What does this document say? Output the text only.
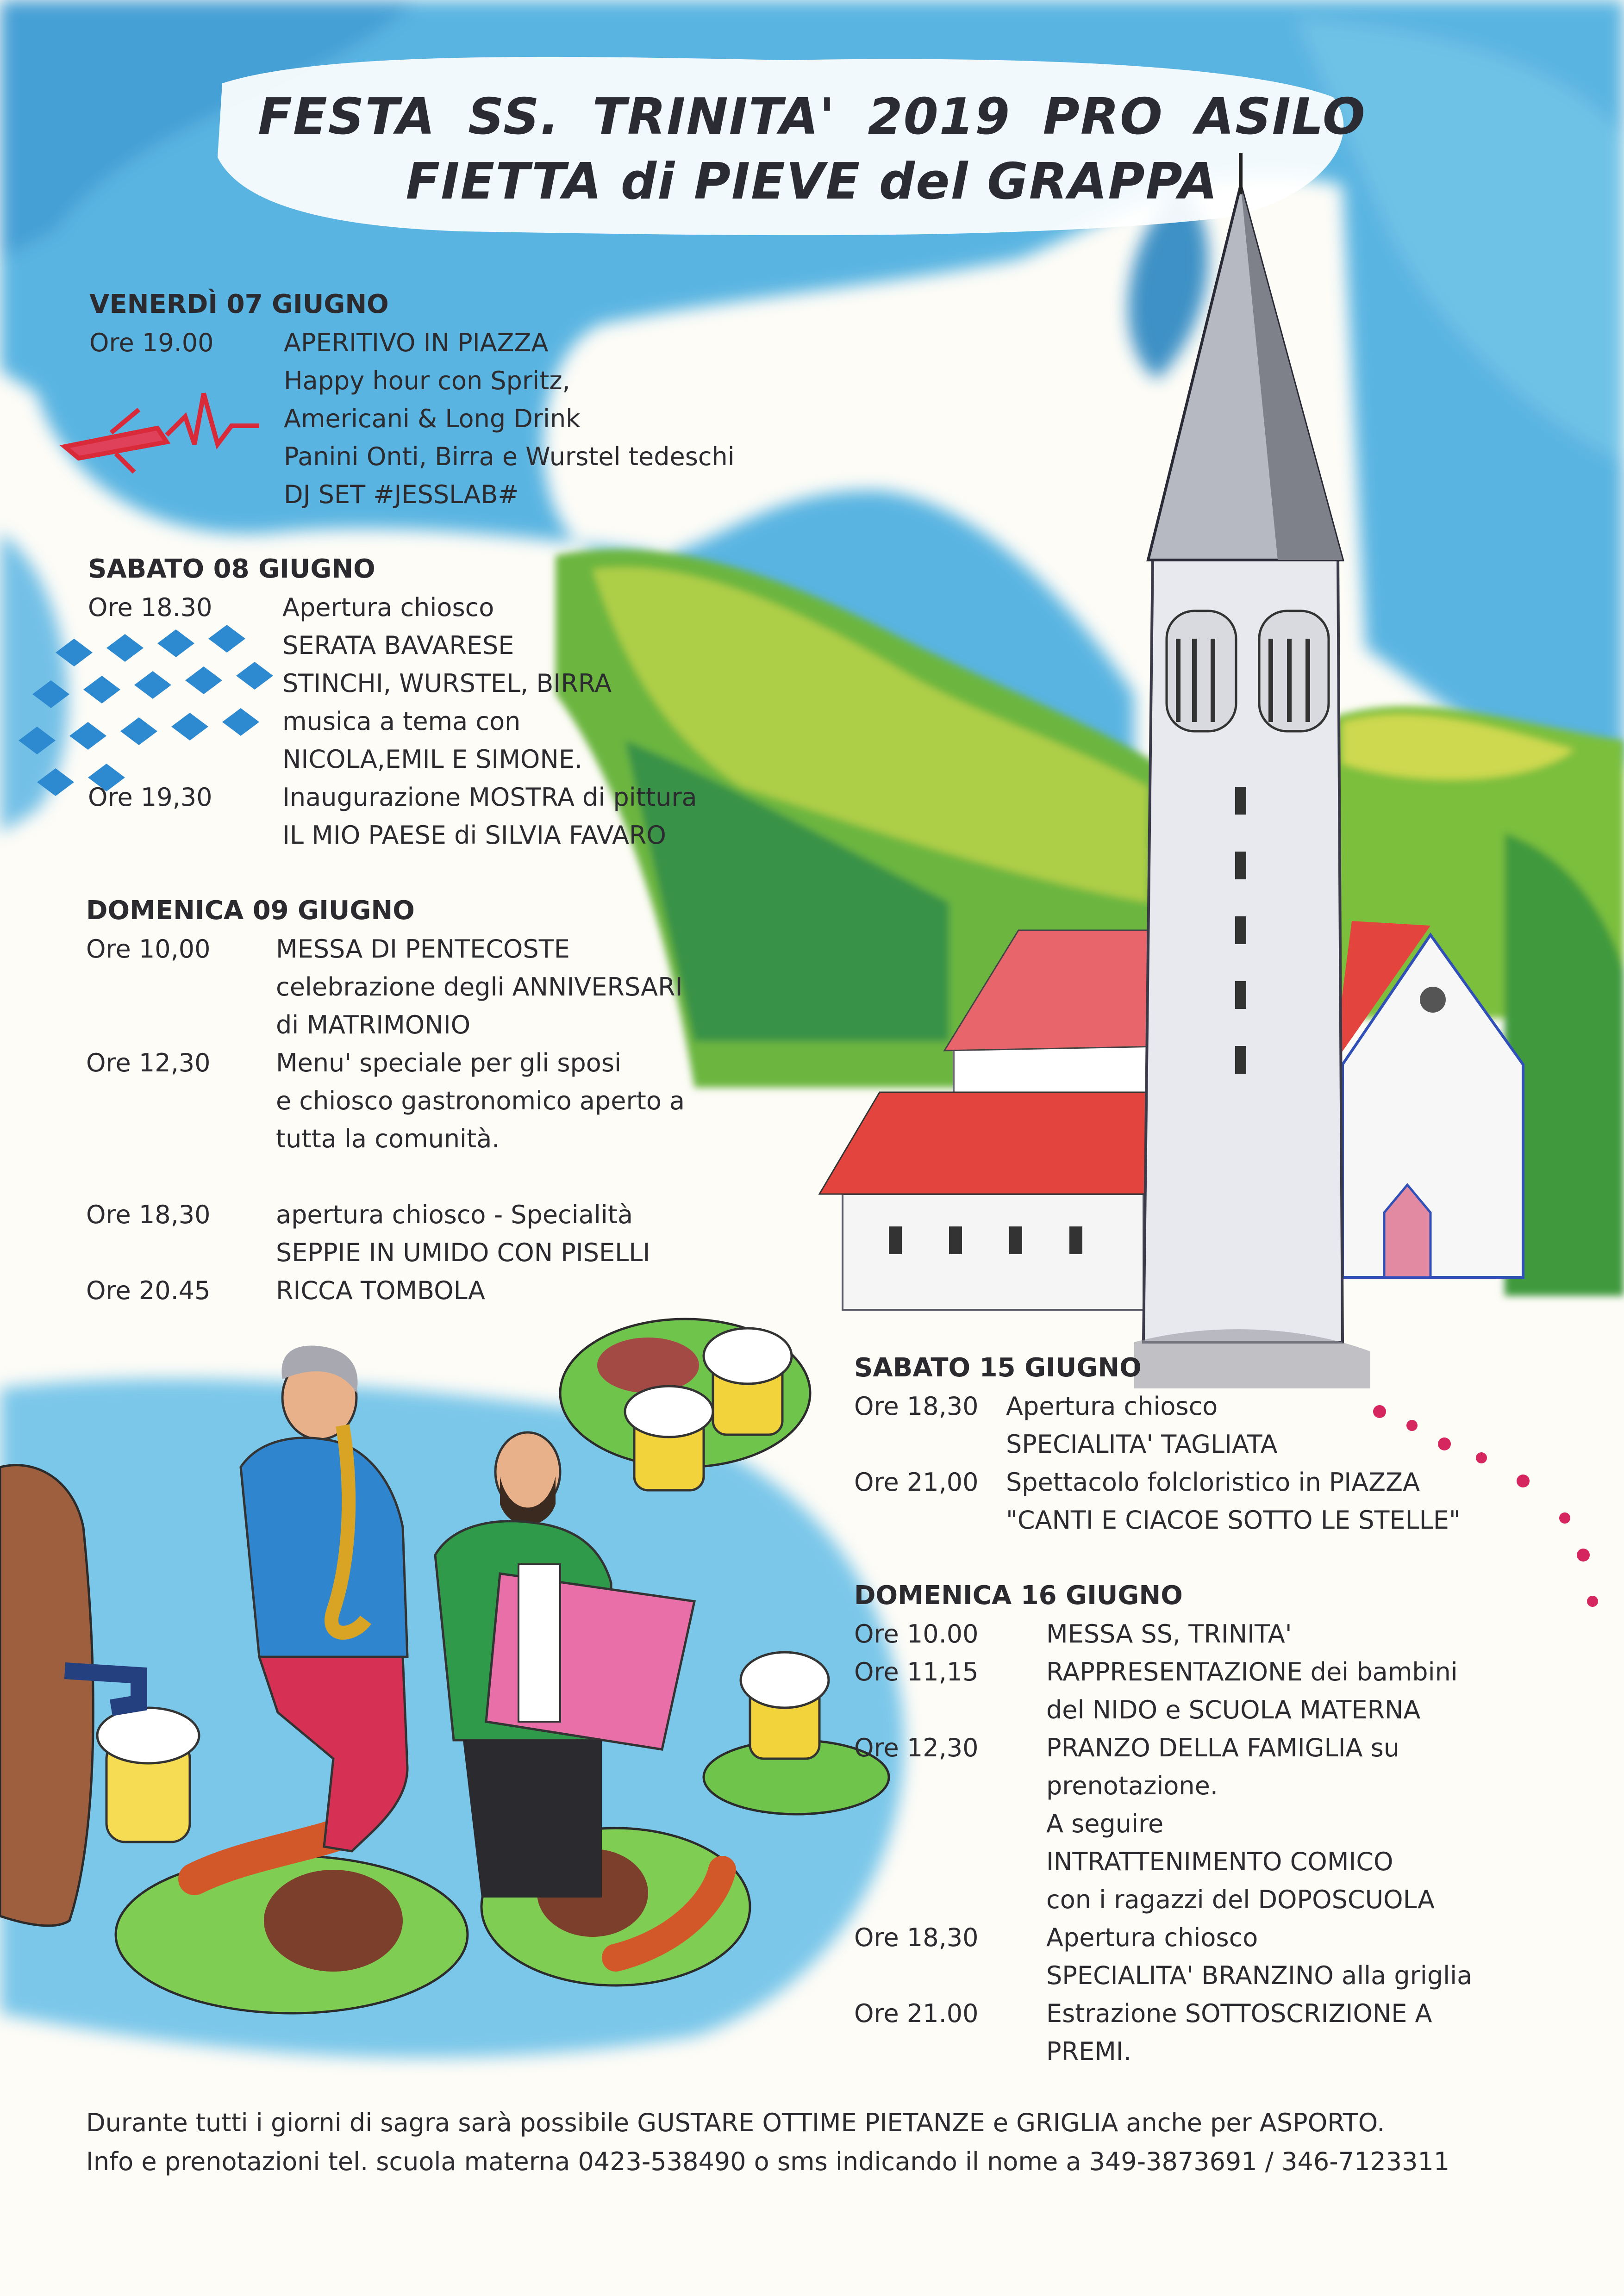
FESTA SS. TRINITA' 2019 PRO ASILO
FIETTA di PIEVE del GRAPPA
VENERDÌ 07 GIUGNO
Ore 19.00	APERITIVO IN PIAZZA
Happy hour con Spritz,
Americani & Long Drink
Panini Onti, Birra e Wurstel tedeschi
DJ SET #JESSLAB#
SABATO 08 GIUGNO
Ore 18.30	Apertura chiosco
SERATA BAVARESE
STINCHI, WURSTEL, BIRRA
musica a tema con
NICOLA,EMIL E SIMONE.
Ore 19,30	Inaugurazione MOSTRA di pittura
IL MIO PAESE di SILVIA FAVARO
DOMENICA 09 GIUGNO
Ore 10,00	MESSA DI PENTECOSTE
celebrazione degli ANNIVERSARI
di MATRIMONIO
Ore 12,30	Menu' speciale per gli sposi
e chiosco gastronomico aperto a
tutta la comunità.
Ore 18,30	apertura chiosco - Specialità
SEPPIE IN UMIDO CON PISELLI
Ore 20.45	RICCA TOMBOLA
SABATO 15 GIUGNO
Ore 18,30	Apertura chiosco
SPECIALITA' TAGLIATA
Ore 21,00	Spettacolo folcloristico in PIAZZA
"CANTI E CIACOE SOTTO LE STELLE"
DOMENICA 16 GIUGNO
Ore 10.00	MESSA SS, TRINITA'
Ore 11,15	RAPPRESENTAZIONE dei bambini
del NIDO e SCUOLA MATERNA
Ore 12,30	PRANZO DELLA FAMIGLIA su
prenotazione.
A seguire
INTRATTENIMENTO COMICO
con i ragazzi del DOPOSCUOLA
Ore 18,30	Apertura chiosco
SPECIALITA' BRANZINO alla griglia
Ore 21.00	Estrazione SOTTOSCRIZIONE A
PREMI.
Durante tutti i giorni di sagra sarà possibile GUSTARE OTTIME PIETANZE e GRIGLIA anche per ASPORTO.
Info e prenotazioni tel. scuola materna 0423-538490 o sms indicando il nome a 349-3873691 / 346-7123311
